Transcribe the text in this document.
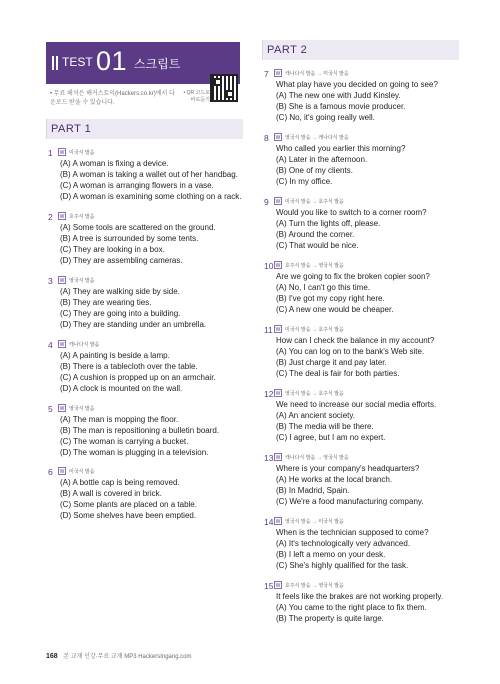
TEST 01 스크립트
• 무료 해석은 해커스토익(Hackers.co.kr)에서 다운로드 받을 수 있습니다.
• QR 코드로 바로듣기
PART 1
PART 2
1	W 미국식 발음
(A) A woman is fixing a device.
(B) A woman is taking a wallet out of her handbag.
(C) A woman is arranging flowers in a vase.
(D) A woman is examining some clothing on a rack.
2	W 호주식 발음
(A) Some tools are scattered on the ground.
(B) A tree is surrounded by some tents.
(C) They are looking in a box.
(D) They are assembling cameras.
3	W 영국식 발음
(A) They are walking side by side.
(B) They are wearing ties.
(C) They are going into a building.
(D) They are standing under an umbrella.
4	W 캐나다식 발음
(A) A painting is beside a lamp.
(B) There is a tablecloth over the table.
(C) A cushion is propped up on an armchair.
(D) A clock is mounted on the wall.
5	W 영국식 발음
(A) The man is mopping the floor.
(B) The man is repositioning a bulletin board.
(C) The woman is carrying a bucket.
(D) The woman is plugging in a television.
6	W 미국식 발음
(A) A bottle cap is being removed.
(B) A wall is covered in brick.
(C) Some plants are placed on a table.
(D) Some shelves have been emptied.
7	W 캐나다식 발음 → 미국식 발음
What play have you decided on going to see?
(A) The new one with Judd Kinsley.
(B) She is a famous movie producer.
(C) No, it's going really well.
8	W 영국식 발음 → 캐나다식 발음
Who called you earlier this morning?
(A) Later in the afternoon.
(B) One of my clients.
(C) In my office.
9	W 미국식 발음 → 호주식 발음
Would you like to switch to a corner room?
(A) Turn the lights off, please.
(B) Around the corner.
(C) That would be nice.
10 W 호주식 발음 → 영국식 발음
Are we going to fix the broken copier soon?
(A) No, I can't go this time.
(B) I've got my copy right here.
(C) A new one would be cheaper.
11 W 미국식 발음 → 호주식 발음
How can I check the balance in my account?
(A) You can log on to the bank's Web site.
(B) Just charge it and pay later.
(C) The deal is fair for both parties.
12 W 영국식 발음 → 호주식 발음
We need to increase our social media efforts.
(A) An ancient society.
(B) The media will be there.
(C) I agree, but I am no expert.
13 W 캐나다식 발음 → 영국식 발음
Where is your company's headquarters?
(A) He works at the local branch.
(B) In Madrid, Spain.
(C) We're a food manufacturing company.
14 W 영국식 발음 → 미국식 발음
When is the technician supposed to come?
(A) It's technologically very advanced.
(B) I left a memo on your desk.
(C) She's highly qualified for the task.
15 W 호주식 발음 → 영국식 발음
It feels like the brakes are not working properly.
(A) You came to the right place to fix them.
(B) The property is quite large.
168 본 교재 인강·무료 교재 MP3 HackersIngang.com
